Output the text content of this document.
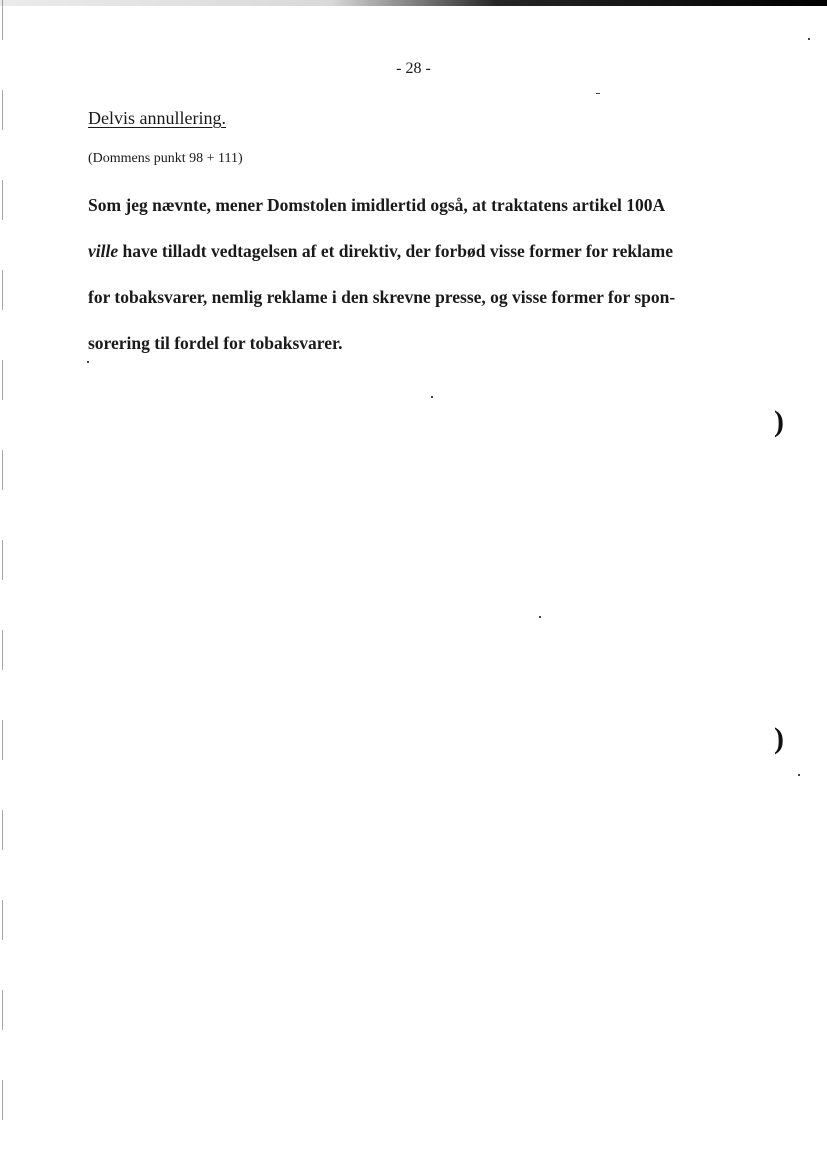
- 28 -
Delvis annullering.
(Dommens punkt 98 + 111)
Som jeg nævnte, mener Domstolen imidlertid også, at traktatens artikel 100A
ville have tilladt vedtagelsen af et direktiv, der forbød visse former for reklame
for tobaksvarer, nemlig reklame i den skrevne presse, og visse former for spon-
sorering til fordel for tobaksvarer.
)
)
